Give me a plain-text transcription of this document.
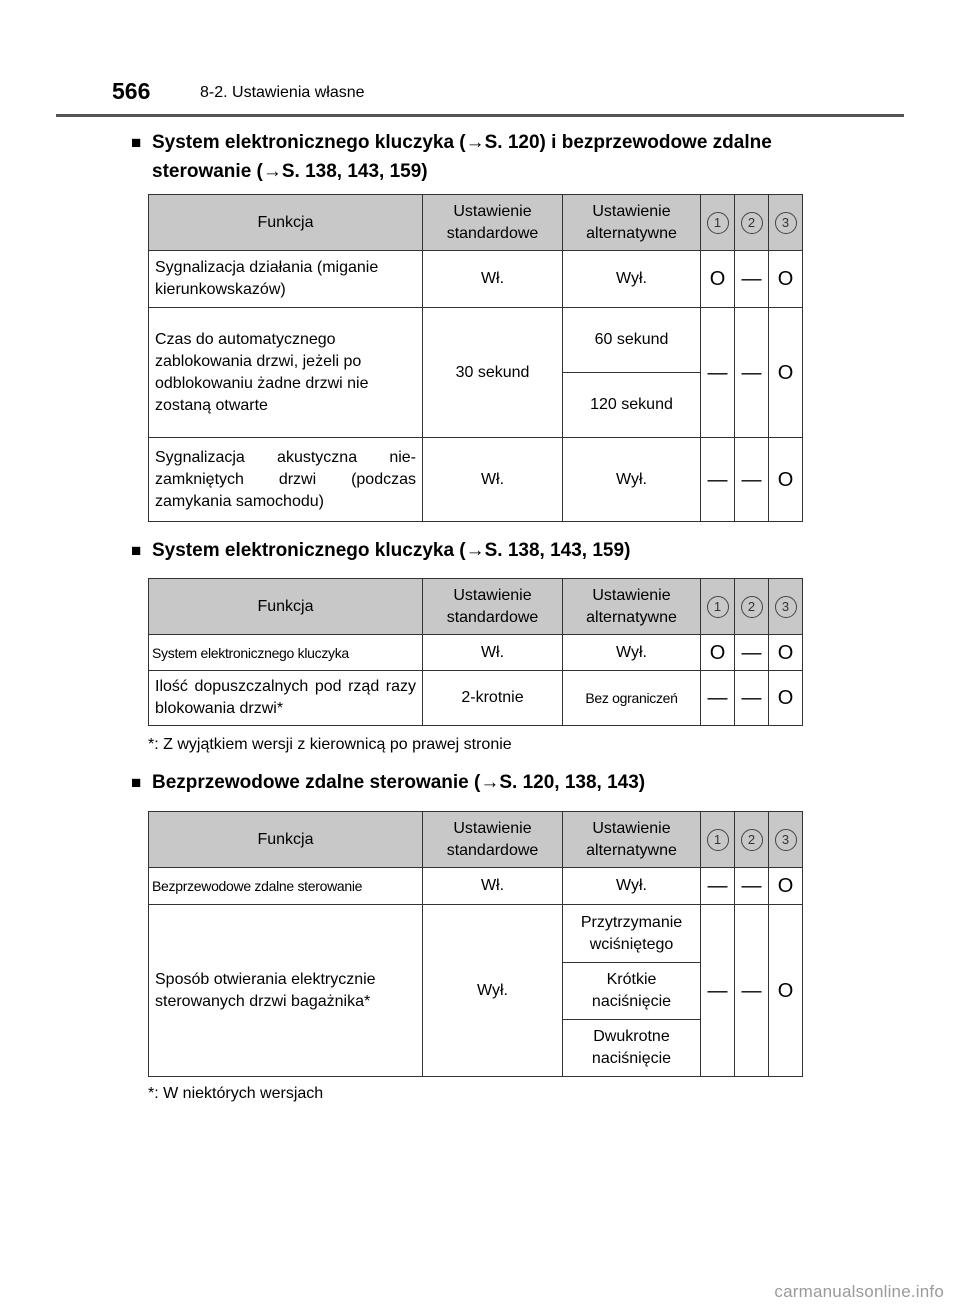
566	8-2. Ustawienia własne
■ System elektronicznego kluczyka (→S. 120) i bezprzewodowe zdalne sterowanie (→S. 138, 143, 159)
Funkcja	Ustawienie standardowe	Ustawienie alternatywne	1	2	3
Sygnalizacja działania (miganie kierunkowskazów)	Wł.	Wył.	O	—	O
Czas do automatycznego zablokowania drzwi, jeżeli po odblokowaniu żadne drzwi nie zostaną otwarte	30 sekund	60 sekund	—	—	O
		120 sekund			
Sygnalizacja akustyczna nie-zamkniętych drzwi (podczas zamykania samochodu)	Wł.	Wył.	—	—	O
■ System elektronicznego kluczyka (→S. 138, 143, 159)
Funkcja	Ustawienie standardowe	Ustawienie alternatywne	1	2	3
System elektronicznego kluczyka	Wł.	Wył.	O	—	O
Ilość dopuszczalnych pod rząd razy blokowania drzwi*	2-krotnie	Bez ograniczeń	—	—	O
*: Z wyjątkiem wersji z kierownicą po prawej stronie
■ Bezprzewodowe zdalne sterowanie (→S. 120, 138, 143)
Funkcja	Ustawienie standardowe	Ustawienie alternatywne	1	2	3
Bezprzewodowe zdalne sterowanie	Wł.	Wył.	—	—	O
Sposób otwierania elektrycznie sterowanych drzwi bagażnika*	Wył.	Przytrzymanie wciśniętego	—	—	O
		Krótkie naciśnięcie			
		Dwukrotne naciśnięcie			
*: W niektórych wersjach
carmanualsonline.info
